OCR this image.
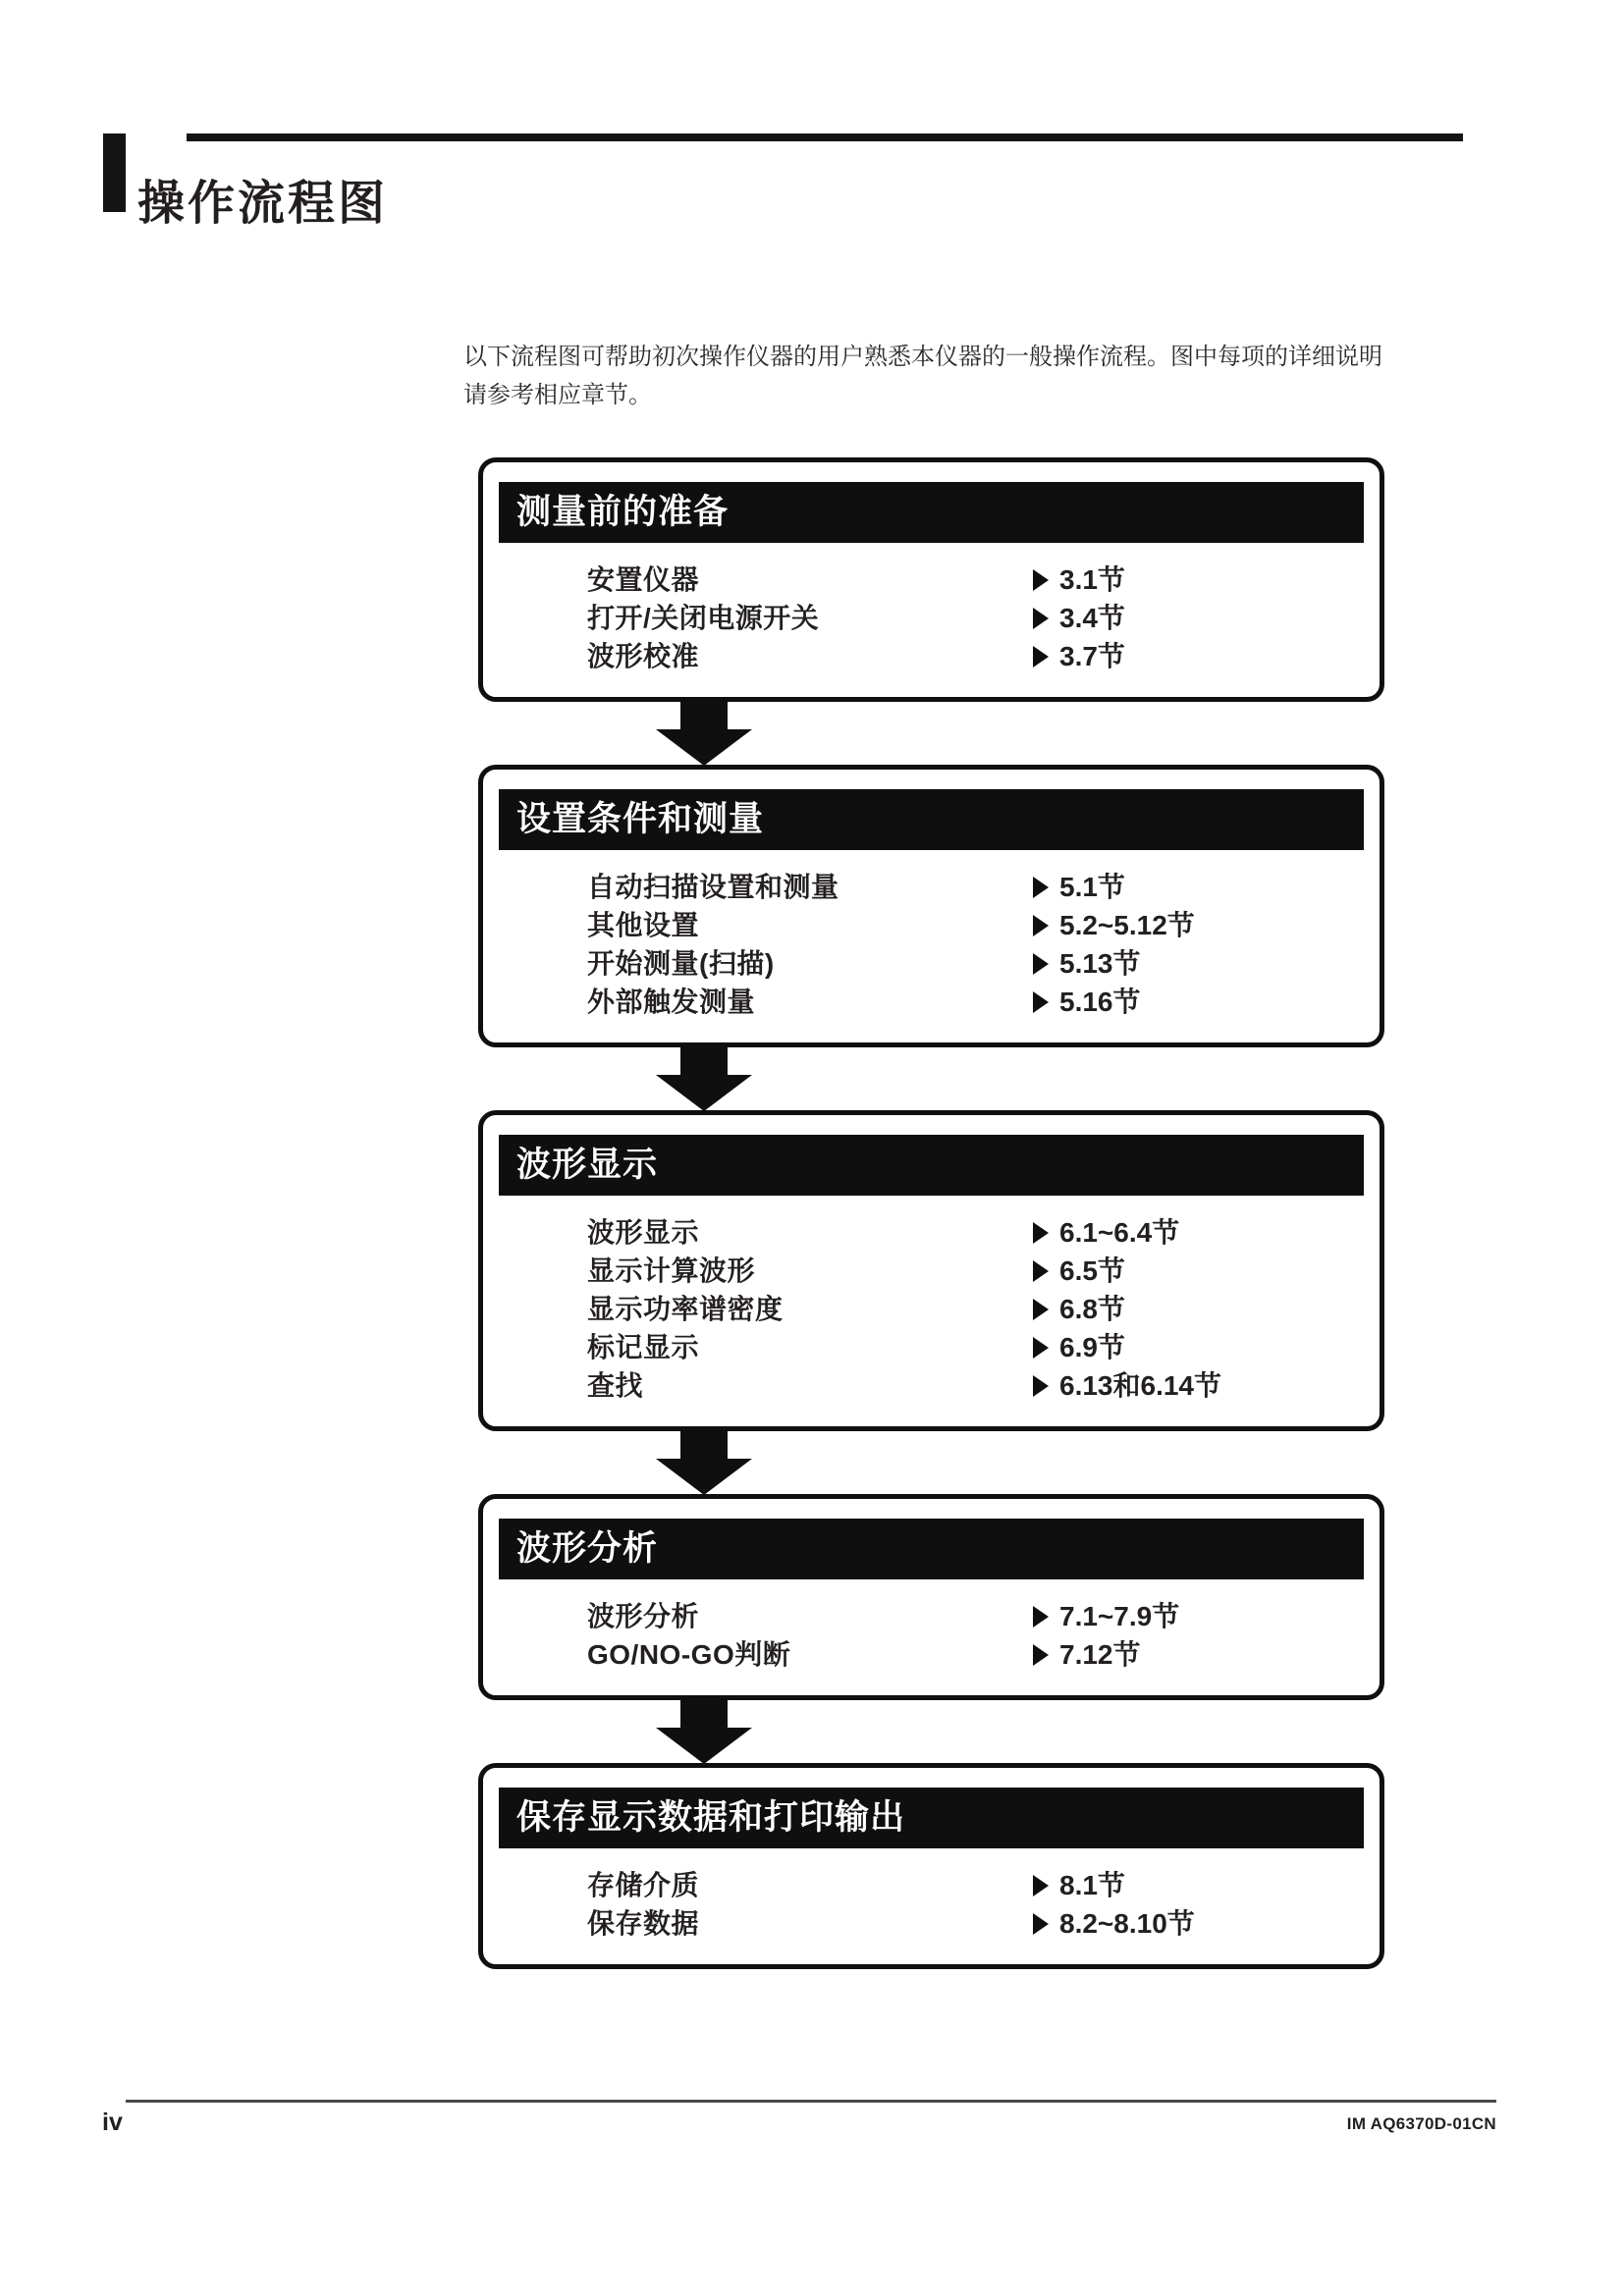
操作流程图
以下流程图可帮助初次操作仪器的用户熟悉本仪器的一般操作流程。图中每项的详细说明
请参考相应章节。
测量前的准备
安置仪器	3.1节
打开/关闭电源开关	3.4节
波形校准	3.7节
设置条件和测量
自动扫描设置和测量	5.1节
其他设置	5.2~5.12节
开始测量(扫描)	5.13节
外部触发测量	5.16节
波形显示
波形显示	6.1~6.4节
显示计算波形	6.5节
显示功率谱密度	6.8节
标记显示	6.9节
查找	6.13和6.14节
波形分析
波形分析	7.1~7.9节
GO/NO-GO判断	7.12节
保存显示数据和打印输出
存储介质	8.1节
保存数据	8.2~8.10节
iv	IM AQ6370D-01CN
